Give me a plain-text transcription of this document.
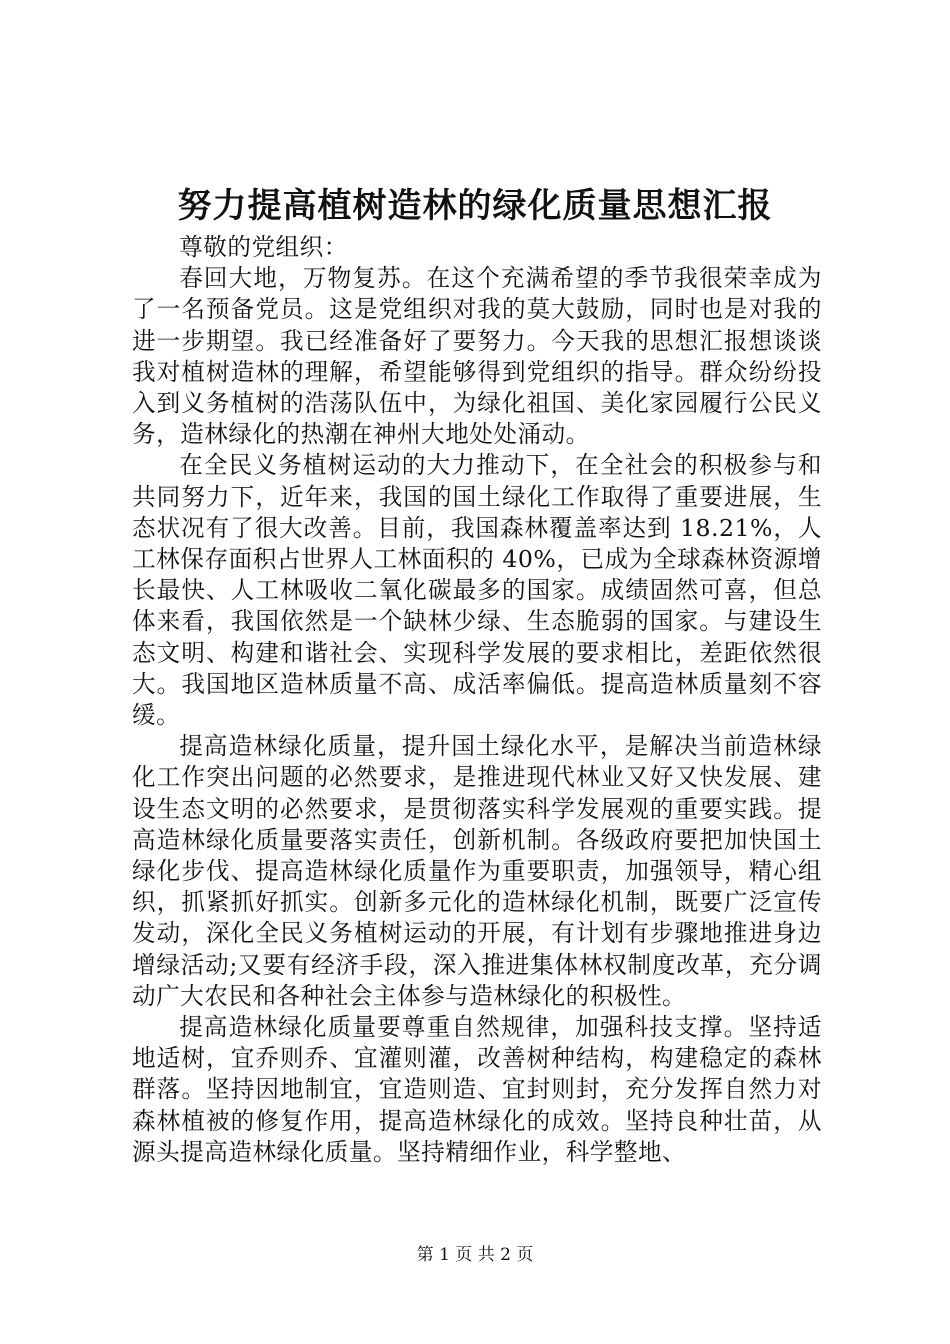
努力提高植树造林的绿化质量思想汇报
尊敬的党组织：

春回大地，万物复苏。在这个充满希望的季节我很荣幸成为了一名预备党员。这是党组织对我的莫大鼓励，同时也是对我的进一步期望。我已经准备好了要努力。今天我的思想汇报想谈谈我对植树造林的理解，希望能够得到党组织的指导。群众纷纷投入到义务植树的浩荡队伍中，为绿化祖国、美化家园履行公民义务，造林绿化的热潮在神州大地处处涌动。

在全民义务植树运动的大力推动下，在全社会的积极参与和共同努力下，近年来，我国的国土绿化工作取得了重要进展，生态状况有了很大改善。目前，我国森林覆盖率达到 18.21%，人工林保存面积占世界人工林面积的 40%，已成为全球森林资源增长最快、人工林吸收二氧化碳最多的国家。成绩固然可喜，但总体来看，我国依然是一个缺林少绿、生态脆弱的国家。与建设生态文明、构建和谐社会、实现科学发展的要求相比，差距依然很大。我国地区造林质量不高、成活率偏低。提高造林质量刻不容缓。

提高造林绿化质量，提升国土绿化水平，是解决当前造林绿化工作突出问题的必然要求，是推进现代林业又好又快发展、建设生态文明的必然要求，是贯彻落实科学发展观的重要实践。提高造林绿化质量要落实责任，创新机制。各级政府要把加快国土绿化步伐、提高造林绿化质量作为重要职责，加强领导，精心组织，抓紧抓好抓实。创新多元化的造林绿化机制，既要广泛宣传发动，深化全民义务植树运动的开展，有计划有步骤地推进身边增绿活动;又要有经济手段，深入推进集体林权制度改革，充分调动广大农民和各种社会主体参与造林绿化的积极性。

提高造林绿化质量要尊重自然规律，加强科技支撑。坚持适地适树，宜乔则乔、宜灌则灌，改善树种结构，构建稳定的森林群落。坚持因地制宜，宜造则造、宜封则封，充分发挥自然力对森林植被的修复作用，提高造林绿化的成效。坚持良种壮苗，从源头提高造林绿化质量。坚持精细作业，科学整地、

第 1 页 共 2 页
